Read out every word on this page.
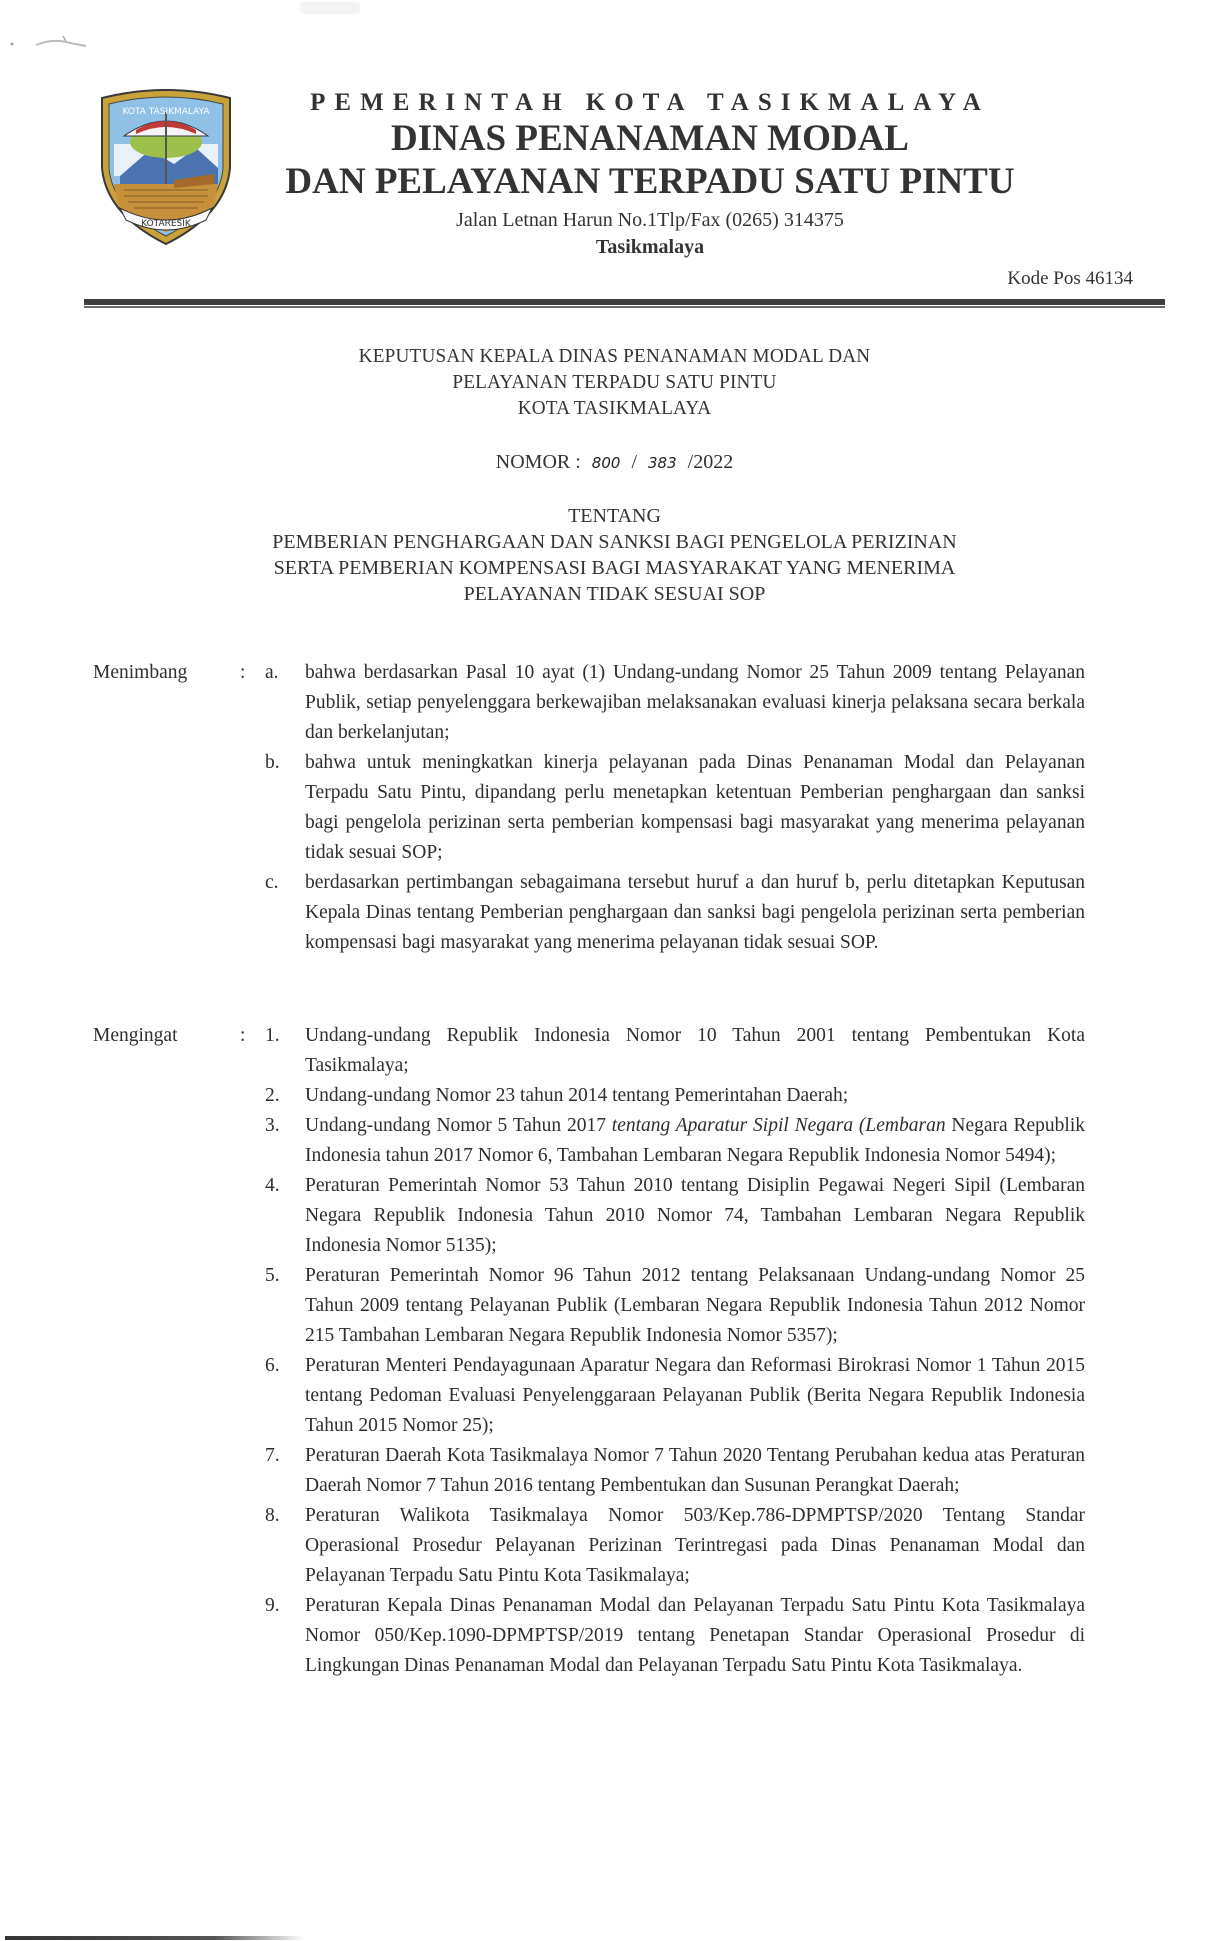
KOTARESIK
KOTA TASIKMALAYA	PEMERINTAH KOTA TASIKMALAYA
DINAS PENANAMAN MODAL
DAN PELAYANAN TERPADU SATU PINTU
Jalan Letnan Harun No.1Tlp/Fax (0265) 314375
Tasikmalaya
Kode Pos 46134
KEPUTUSAN KEPALA DINAS PENANAMAN MODAL DAN
PELAYANAN TERPADU SATU PINTU
KOTA TASIKMALAYA
NOMOR : 800 / 383 /2022
TENTANG
PEMBERIAN PENGHARGAAN DAN SANKSI BAGI PENGELOLA PERIZINAN
SERTA PEMBERIAN KOMPENSASI BAGI MASYARAKAT YANG MENERIMA
PELAYANAN TIDAK SESUAI SOP
Menimbang	: a. bahwa berdasarkan Pasal 10 ayat (1) Undang-undang Nomor 25 Tahun 2009 tentang Pelayanan Publik, setiap penyelenggara berkewajiban melaksanakan evaluasi kinerja pelaksana secara berkala dan berkelanjutan;
b. bahwa untuk meningkatkan kinerja pelayanan pada Dinas Penanaman Modal dan Pelayanan Terpadu Satu Pintu, dipandang perlu menetapkan ketentuan Pemberian penghargaan dan sanksi bagi pengelola perizinan serta pemberian kompensasi bagi masyarakat yang menerima pelayanan tidak sesuai SOP;
c. berdasarkan pertimbangan sebagaimana tersebut huruf a dan huruf b, perlu ditetapkan Keputusan Kepala Dinas tentang Pemberian penghargaan dan sanksi bagi pengelola perizinan serta pemberian kompensasi bagi masyarakat yang menerima pelayanan tidak sesuai SOP.
Mengingat	: 1. Undang-undang Republik Indonesia Nomor 10 Tahun 2001 tentang Pembentukan Kota Tasikmalaya;
2. Undang-undang Nomor 23 tahun 2014 tentang Pemerintahan Daerah;
3. Undang-undang Nomor 5 Tahun 2017 tentang Aparatur Sipil Negara (Lembaran Negara Republik Indonesia tahun 2017 Nomor 6, Tambahan Lembaran Negara Republik Indonesia Nomor 5494);
4. Peraturan Pemerintah Nomor 53 Tahun 2010 tentang Disiplin Pegawai Negeri Sipil (Lembaran Negara Republik Indonesia Tahun 2010 Nomor 74, Tambahan Lembaran Negara Republik Indonesia Nomor 5135);
5. Peraturan Pemerintah Nomor 96 Tahun 2012 tentang Pelaksanaan Undang-undang Nomor 25 Tahun 2009 tentang Pelayanan Publik (Lembaran Negara Republik Indonesia Tahun 2012 Nomor 215 Tambahan Lembaran Negara Republik Indonesia Nomor 5357);
6. Peraturan Menteri Pendayagunaan Aparatur Negara dan Reformasi Birokrasi Nomor 1 Tahun 2015 tentang Pedoman Evaluasi Penyelenggaraan Pelayanan Publik (Berita Negara Republik Indonesia Tahun 2015 Nomor 25);
7. Peraturan Daerah Kota Tasikmalaya Nomor 7 Tahun 2020 Tentang Perubahan kedua atas Peraturan Daerah Nomor 7 Tahun 2016 tentang Pembentukan dan Susunan Perangkat Daerah;
8. Peraturan Walikota Tasikmalaya Nomor 503/Kep.786-DPMPTSP/2020 Tentang Standar Operasional Prosedur Pelayanan Perizinan Terintregasi pada Dinas Penanaman Modal dan Pelayanan Terpadu Satu Pintu Kota Tasikmalaya;
9. Peraturan Kepala Dinas Penanaman Modal dan Pelayanan Terpadu Satu Pintu Kota Tasikmalaya Nomor 050/Kep.1090-DPMPTSP/2019 tentang Penetapan Standar Operasional Prosedur di Lingkungan Dinas Penanaman Modal dan Pelayanan Terpadu Satu Pintu Kota Tasikmalaya.
